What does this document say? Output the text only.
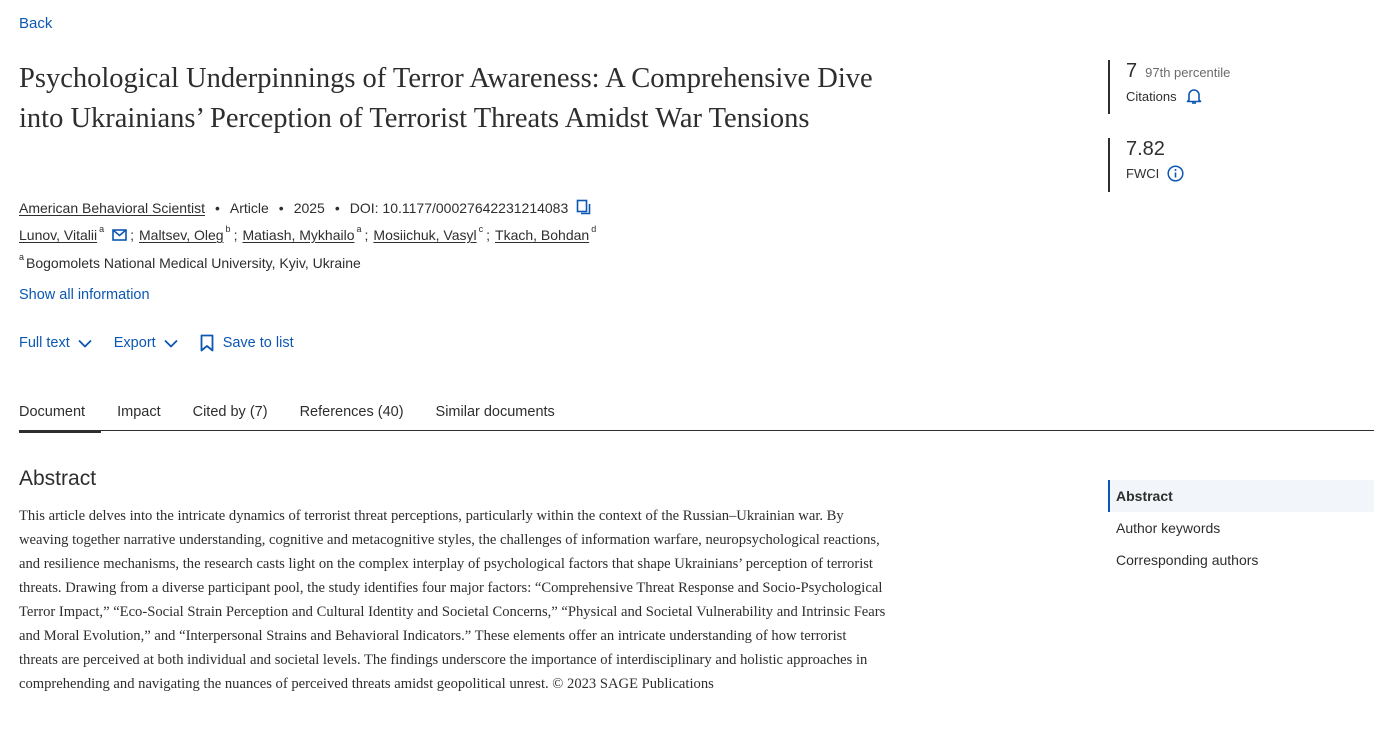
Back
Psychological Underpinnings of Terror Awareness: A Comprehensive Dive into Ukrainians’ Perception of Terrorist Threats Amidst War Tensions
American Behavioral Scientist • Article • 2025 • DOI: 10.1177/00027642231214083
Lunov, Vitalii a ; Maltsev, Oleg b ; Matiash, Mykhailo a ; Mosiichuk, Vasyl c ; Tkach, Bohdan d
a Bogomolets National Medical University, Kyiv, Ukraine
Show all information
Full text	Export	Save to list
Document	Impact	Cited by (7)	References (40)	Similar documents
Abstract

This article delves into the intricate dynamics of terrorist threat perceptions, particularly within the context of the Russian–Ukrainian war. By weaving together narrative understanding, cognitive and metacognitive styles, the challenges of information warfare, neuropsychological reactions, and resilience mechanisms, the research casts light on the complex interplay of psychological factors that shape Ukrainians’ perception of terrorist threats. Drawing from a diverse participant pool, the study identifies four major factors: “Comprehensive Threat Response and Socio-Psychological Terror Impact,” “Eco-Social Strain Perception and Cultural Identity and Societal Concerns,” “Physical and Societal Vulnerability and Intrinsic Fears and Moral Evolution,” and “Interpersonal Strains and Behavioral Indicators.” These elements offer an intricate understanding of how terrorist threats are perceived at both individual and societal levels. The findings underscore the importance of interdisciplinary and holistic approaches in comprehending and navigating the nuances of perceived threats amidst geopolitical unrest. © 2023 SAGE Publications

7 97th percentile
Citations
7.82
FWCI
Abstract
Author keywords
Corresponding authors
